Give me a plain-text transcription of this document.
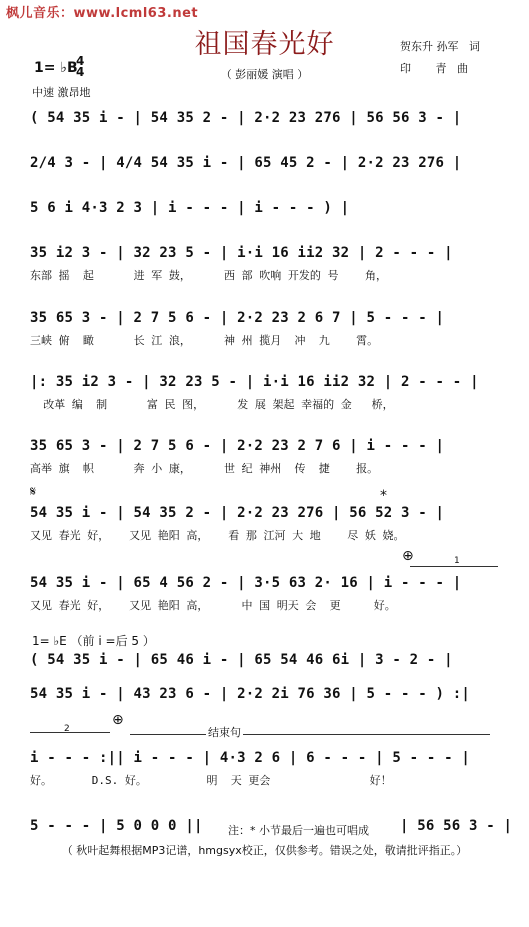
枫儿音乐：www.lcml63.net
祖国春光好	贺东升 孙军   词
印       青   曲
1= ♭B
4
4	（ 彭丽媛 演唱 ）
中速 激昂地
( 54 35 i - | 54 35 2 - | 2·2 23 276 | 56 56 3 - |
2/4 3 - | 4/4 54 35 i - | 65 45 2 - | 2·2 23 276 |
5 6 i 4·3 2 3 | i - - - | i - - - ) |
35 i2 3 - | 32 23 5 - | i·i 16 ii2 32 | 2 - - - |
东部 摇  起      进 军 鼓，     西 部 吹响 开发的 号    角，
35 65 3 - | 2 7 5 6 - | 2·2 23 2 6 7 | 5 - - - |
三峡 俯  瞰      长 江 浪，     神 州 揽月  冲  九    霄。
|: 35 i2 3 - | 32 23 5 - | i·i 16 ii2 32 | 2 - - - |
改革 编  制      富 民 图，     发 展 架起 幸福的 金   桥，
35 65 3 - | 2 7 5 6 - | 2·2 23 2 7 6 | i - - - |
高举 旗  帜      奔 小 康，     世 纪 神州  传  捷    报。
𝄋	*
54 35 i - | 54 35 2 - | 2·2 23 276 | 56 52 3 - |
又见 春光 好，   又见 艳阳 高，   看 那 江河 大 地    尽 妖 娆。
⊕	1
54 35 i - | 65 4 56 2 - | 3·5 63 2· 16 | i - - - |
又见 春光 好，   又见 艳阳 高，     中 国 明天 会  更     好。
1= ♭E （前 i =后 5 ）
( 54 35 i - | 65 46 i - | 65 54 46 6i | 3 - 2 - |
54 35 i - | 43 23 6 - | 2·2 2i 76 36 | 5 - - - ) :|
2
⊕
结束句
i - - - :|| i - - - | 4·3 2 6 | 6 - - - | 5 - - - |
好。      D.S. 好。         明  天 更会               好！
5 - - - | 5 0 0 0 || 注：* 小节最后一遍也可唱成 | 56 56 3 - |
（ 秋叶起舞根据MP3记谱，hmgsyx校正，仅供参考。错误之处，敬请批评指正。）
